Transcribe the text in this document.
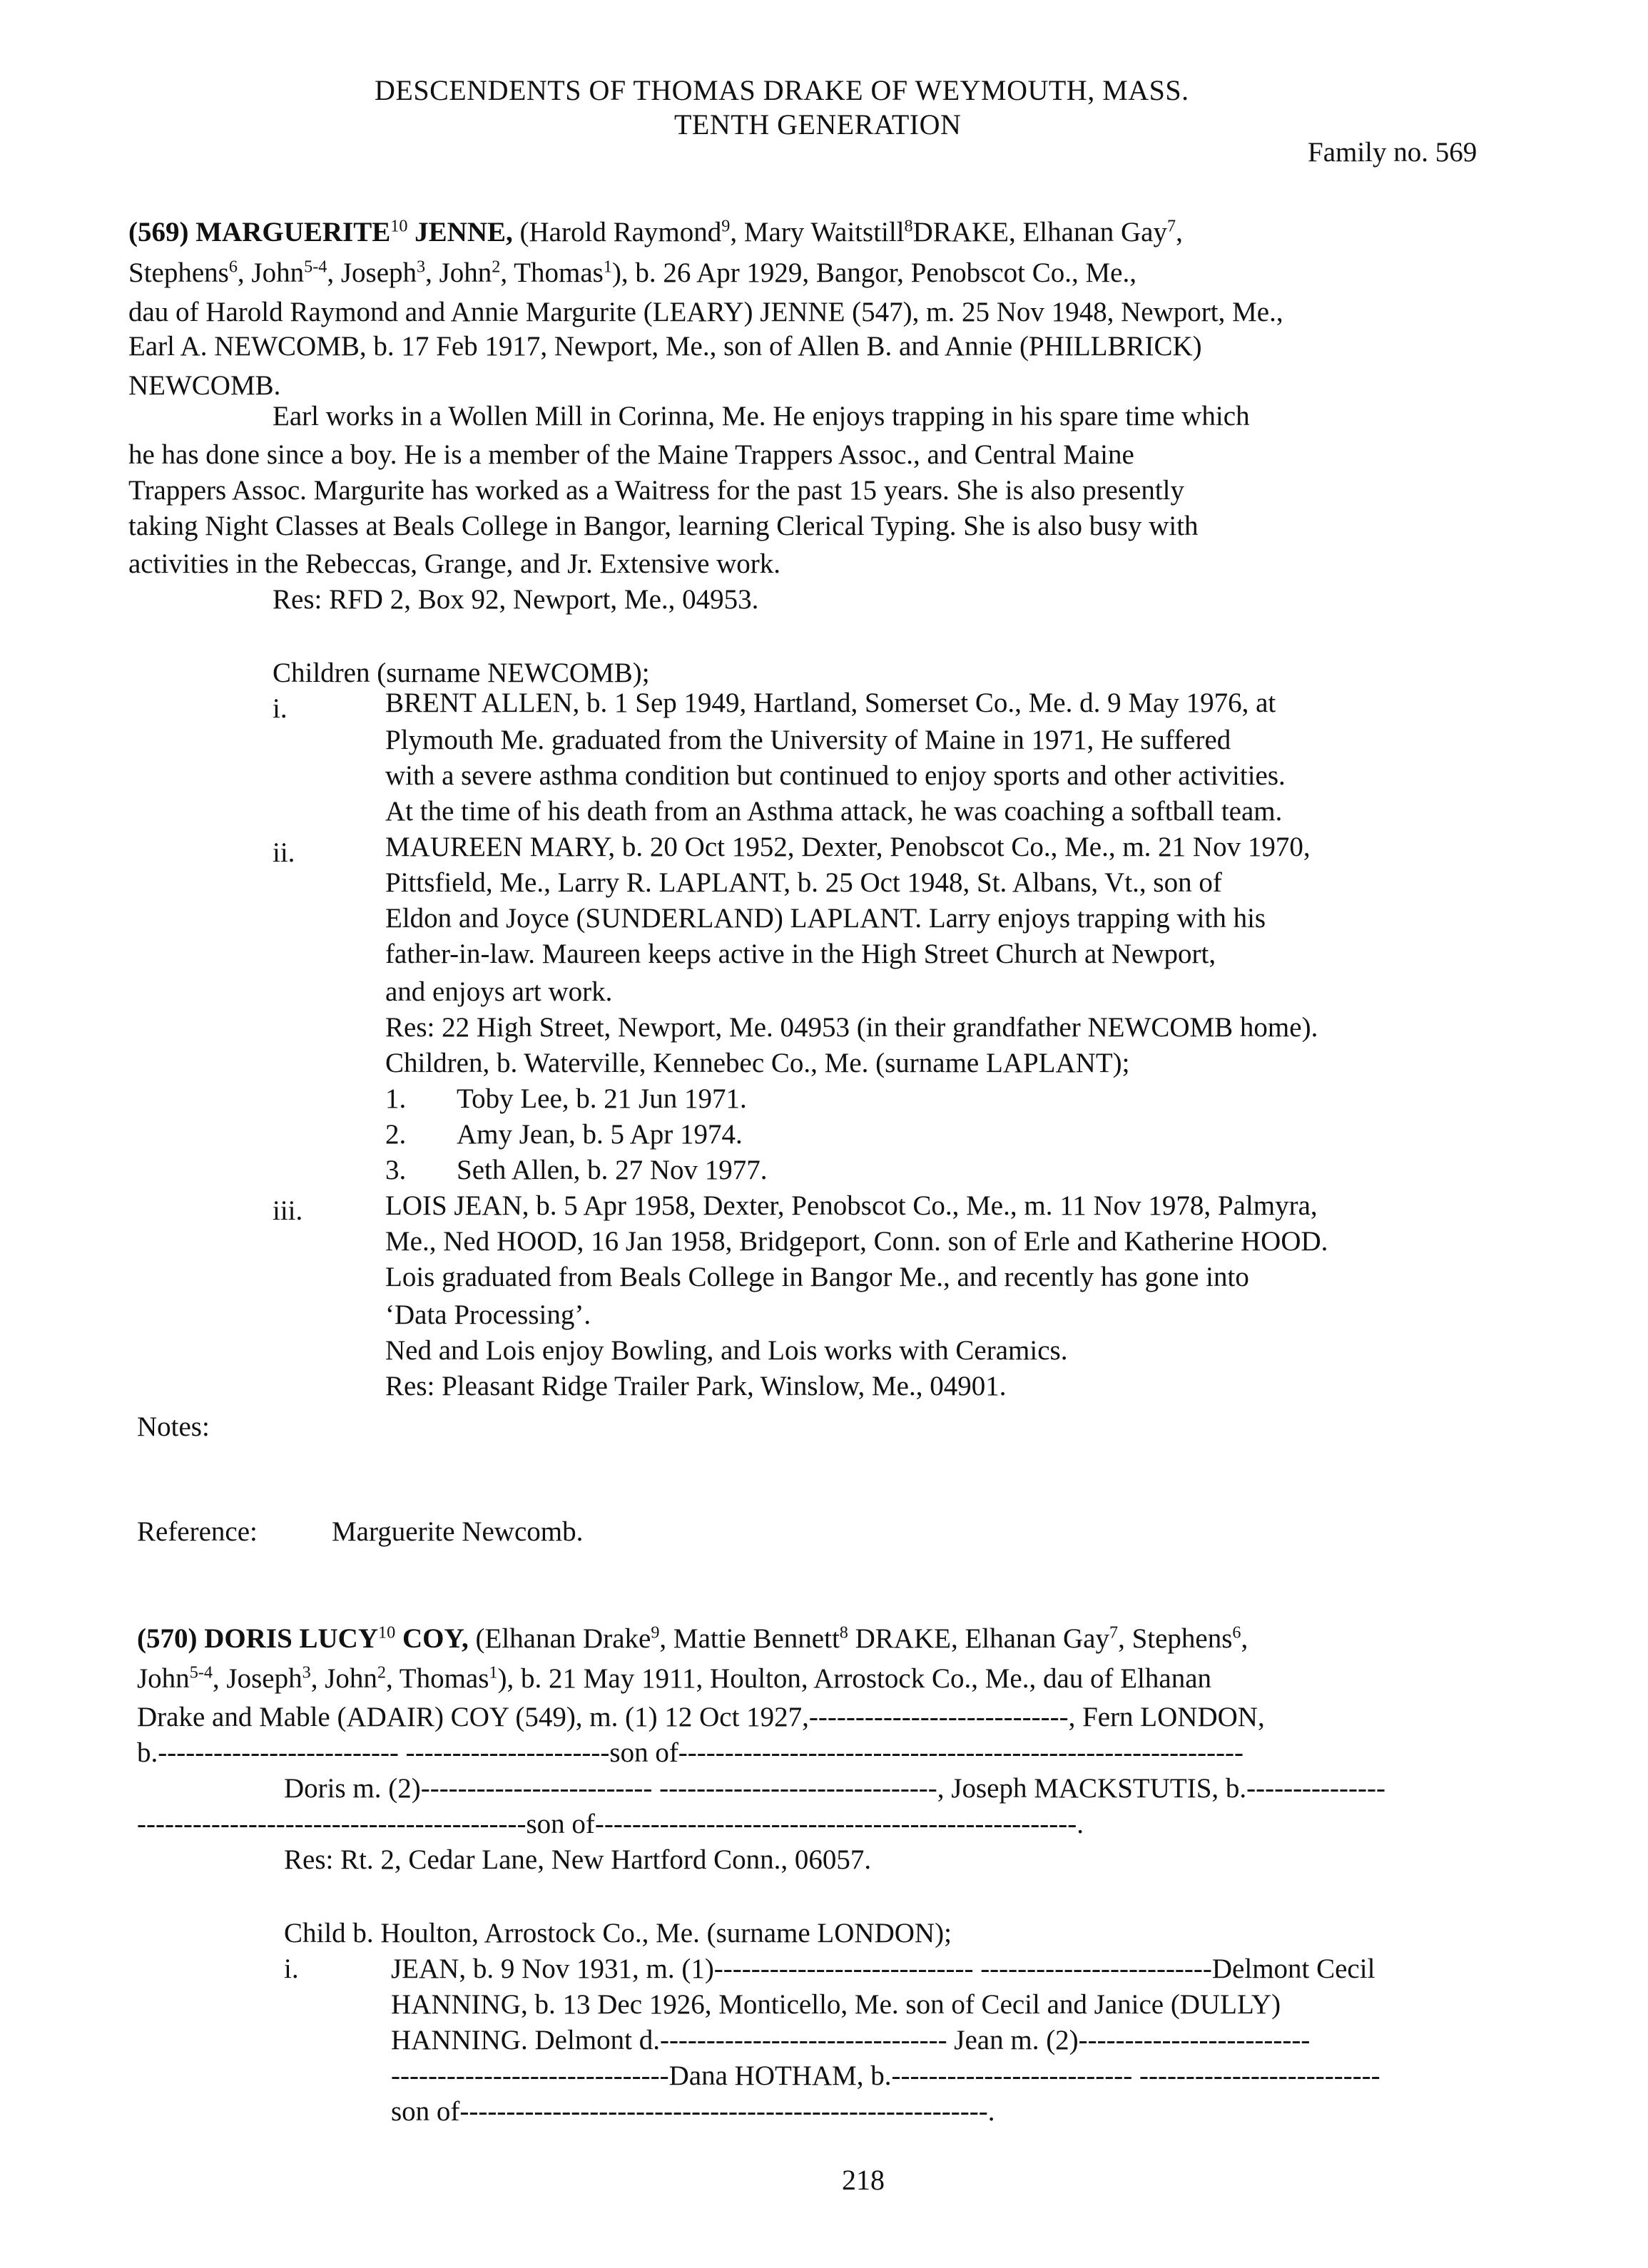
DESCENDENTS OF THOMAS DRAKE OF WEYMOUTH, MASS.
TENTH GENERATION
Family no. 569
(569) MARGUERITE$^{10}$ JENNE, (Harold Raymond$^9$, Mary Waitstill$^8$DRAKE, Elhanan Gay$^7$,
Stephens$^6$, John$^{5-4}$, Joseph$^3$, John$^2$, Thomas$^1$), b. 26 Apr 1929, Bangor, Penobscot Co., Me.,
dau of Harold Raymond and Annie Margurite (LEARY) JENNE (547), m. 25 Nov 1948, Newport, Me.,
Earl A. NEWCOMB, b. 17 Feb 1917, Newport, Me., son of Allen B. and Annie (PHILLBRICK)
NEWCOMB.
Earl works in a Wollen Mill in Corinna, Me. He enjoys trapping in his spare time which
he has done since a boy. He is a member of the Maine Trappers Assoc., and Central Maine
Trappers Assoc. Margurite has worked as a Waitress for the past 15 years. She is also presently
taking Night Classes at Beals College in Bangor, learning Clerical Typing. She is also busy with
activities in the Rebeccas, Grange, and Jr. Extensive work.
Res: RFD 2, Box 92, Newport, Me., 04953.
Children (surname NEWCOMB);
i.	BRENT ALLEN, b. 1 Sep 1949, Hartland, Somerset Co., Me. d. 9 May 1976, at
Plymouth Me. graduated from the University of Maine in 1971, He suffered
with a severe asthma condition but continued to enjoy sports and other activities.
At the time of his death from an Asthma attack, he was coaching a softball team.
ii.	MAUREEN MARY, b. 20 Oct 1952, Dexter, Penobscot Co., Me., m. 21 Nov 1970,
Pittsfield, Me., Larry R. LAPLANT, b. 25 Oct 1948, St. Albans, Vt., son of
Eldon and Joyce (SUNDERLAND) LAPLANT. Larry enjoys trapping with his
father-in-law. Maureen keeps active in the High Street Church at Newport,
and enjoys art work.
Res: 22 High Street, Newport, Me. 04953 (in their grandfather NEWCOMB home).
Children, b. Waterville, Kennebec Co., Me. (surname LAPLANT);
1. Toby Lee, b. 21 Jun 1971.
2. Amy Jean, b. 5 Apr 1974.
3. Seth Allen, b. 27 Nov 1977.
iii.	LOIS JEAN, b. 5 Apr 1958, Dexter, Penobscot Co., Me., m. 11 Nov 1978, Palmyra,
Me., Ned HOOD, 16 Jan 1958, Bridgeport, Conn. son of Erle and Katherine HOOD.
Lois graduated from Beals College in Bangor Me., and recently has gone into
‘Data Processing’.
Ned and Lois enjoy Bowling, and Lois works with Ceramics.
Res: Pleasant Ridge Trailer Park, Winslow, Me., 04901.
Notes:
Reference:	Marguerite Newcomb.
(570) DORIS LUCY$^{10}$ COY, (Elhanan Drake$^9$, Mattie Bennett$^8$ DRAKE, Elhanan Gay$^7$, Stephens$^6$,
John$^{5-4}$, Joseph$^3$, John$^2$, Thomas$^1$), b. 21 May 1911, Houlton, Arrostock Co., Me., dau of Elhanan
Drake and Mable (ADAIR) COY (549), m. (1) 12 Oct 1927,----------------------------, Fern LONDON,
b.-------------------------- ----------------------son of-------------------------------------------------------------
Doris m. (2)------------------------- ------------------------------, Joseph MACKSTUTIS, b.---------------
------------------------------------------son of----------------------------------------------------.
Res: Rt. 2, Cedar Lane, New Hartford Conn., 06057.
Child b. Houlton, Arrostock Co., Me. (surname LONDON);
i.	JEAN, b. 9 Nov 1931, m. (1)---------------------------- -------------------------Delmont Cecil
HANNING, b. 13 Dec 1926, Monticello, Me. son of Cecil and Janice (DULLY)
HANNING. Delmont d.------------------------------- Jean m. (2)-------------------------
------------------------------Dana HOTHAM, b.-------------------------- --------------------------
son of---------------------------------------------------------.
218
